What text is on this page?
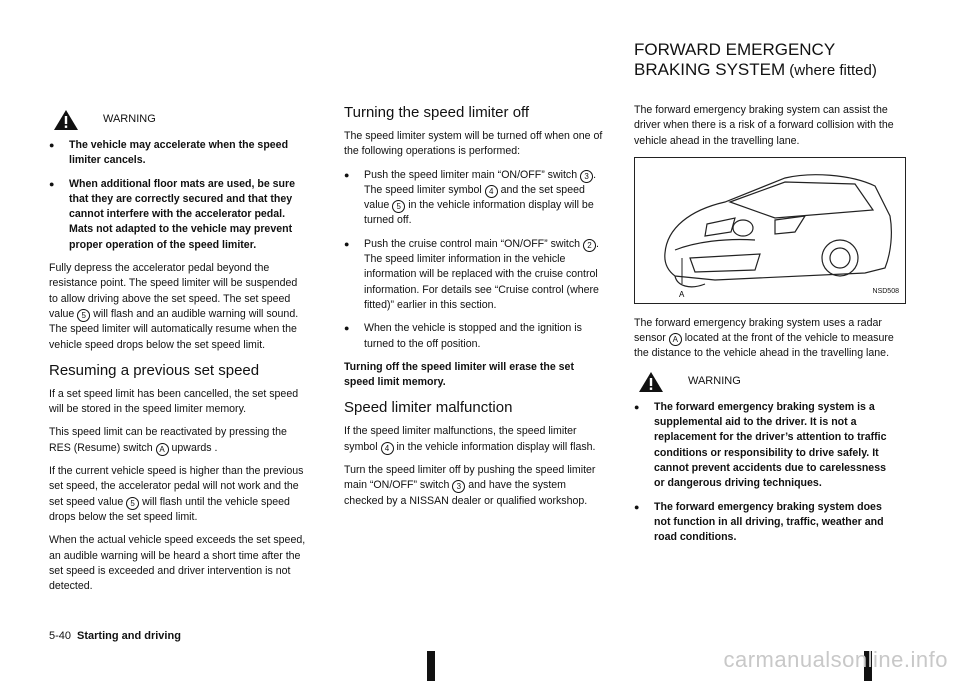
FORWARD EMERGENCY
BRAKING SYSTEM (where fitted)
WARNING
● The vehicle may accelerate when the speed limiter cancels.
● When additional floor mats are used, be sure that they are correctly secured and that they cannot interfere with the accelerator pedal. Mats not adapted to the vehicle may prevent proper operation of the speed limiter.

Fully depress the accelerator pedal beyond the resistance point. The speed limiter will be suspended to allow driving above the set speed. The set speed value 5 will flash and an audible warning will sound. The speed limiter will automatically resume when the vehicle speed drops below the set speed limit.

Resuming a previous set speed

If a set speed limit has been cancelled, the set speed will be stored in the speed limiter memory.

This speed limit can be reactivated by pressing the RES (Resume) switch A upwards .

If the current vehicle speed is higher than the previous set speed, the accelerator pedal will not work and the set speed value 5 will flash until the vehicle speed drops below the set speed limit.

When the actual vehicle speed exceeds the set speed, an audible warning will be heard a short time after the set speed is exceeded and driver intervention is not detected.

Turning the speed limiter off

The speed limiter system will be turned off when one of the following operations is performed:

● Push the speed limiter main “ON/OFF” switch 3 . The speed limiter symbol 4 and the set speed value 5 in the vehicle information display will be turned off.
● Push the cruise control main “ON/OFF” switch 2 . The speed limiter information in the vehicle information will be replaced with the cruise control information. For details see “Cruise control (where fitted)” earlier in this section.
● When the vehicle is stopped and the ignition is turned to the off position.

Turning off the speed limiter will erase the set speed limit memory.

Speed limiter malfunction

If the speed limiter malfunctions, the speed limiter symbol 4 in the vehicle information display will flash.

Turn the speed limiter off by pushing the speed limiter main “ON/OFF” switch 3 and have the system checked by a NISSAN dealer or qualified workshop.

The forward emergency braking system can assist the driver when there is a risk of a forward collision with the vehicle ahead in the travelling lane.

A	NSD508

The forward emergency braking system uses a radar sensor A located at the front of the vehicle to measure the distance to the vehicle ahead in the travelling lane.

WARNING
● The forward emergency braking system is a supplemental aid to the driver. It is not a replacement for the driver’s attention to traffic conditions or responsibility to drive safely. It cannot prevent accidents due to carelessness or dangerous driving techniques.
● The forward emergency braking system does not function in all driving, traffic, weather and road conditions.
5-40 Starting and driving
carmanualsonline.info
